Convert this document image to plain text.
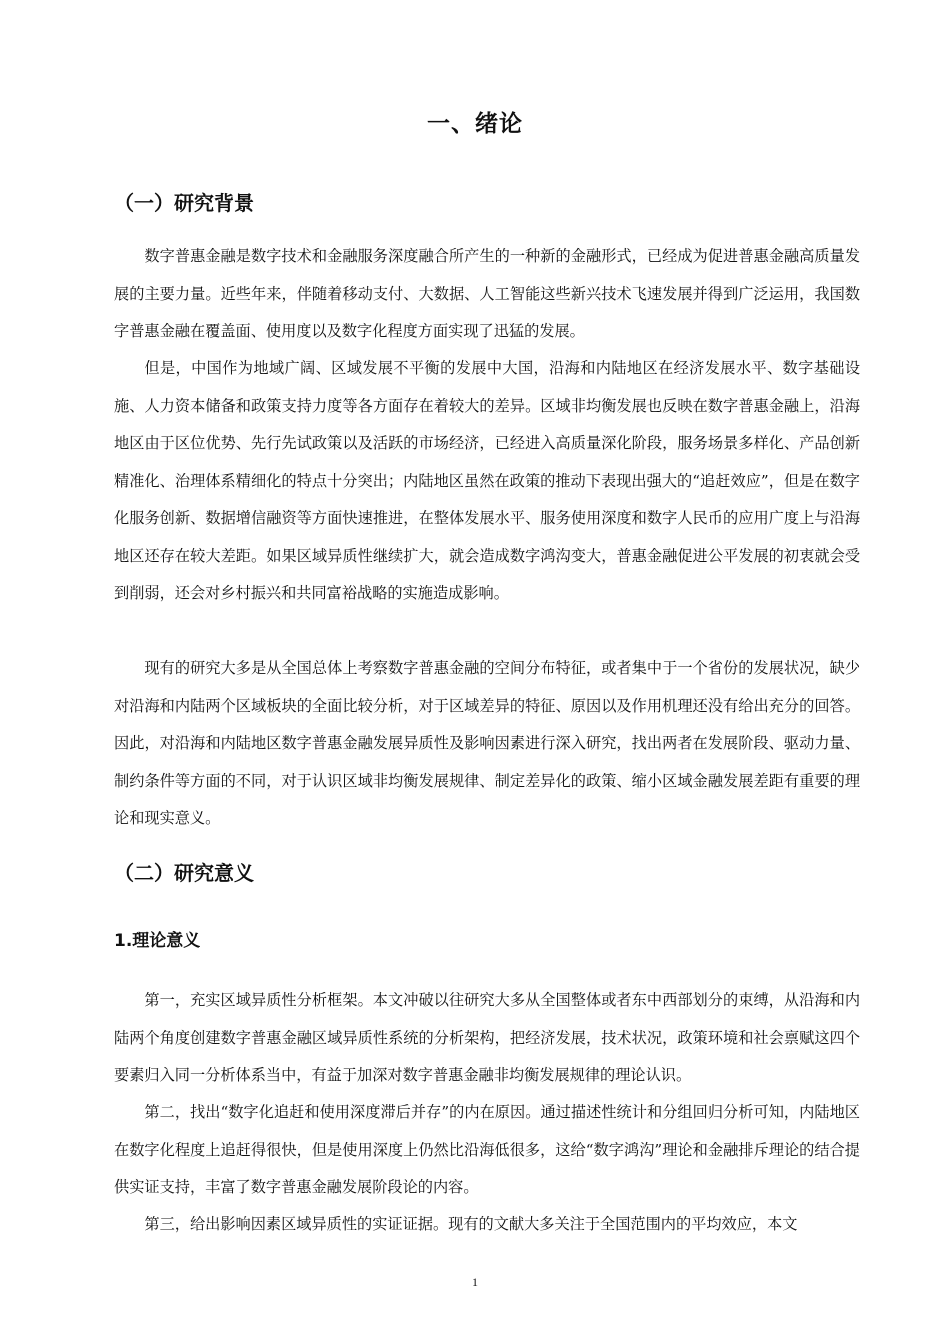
一、绪论
（一）研究背景

数字普惠金融是数字技术和金融服务深度融合所产生的一种新的金融形式，已经成为促进普惠金融高质量发展的主要力量。近些年来，伴随着移动支付、大数据、人工智能这些新兴技术飞速发展并得到广泛运用，我国数字普惠金融在覆盖面、使用度以及数字化程度方面实现了迅猛的发展。

但是，中国作为地域广阔、区域发展不平衡的发展中大国，沿海和内陆地区在经济发展水平、数字基础设施、人力资本储备和政策支持力度等各方面存在着较大的差异。区域非均衡发展也反映在数字普惠金融上，沿海地区由于区位优势、先行先试政策以及活跃的市场经济，已经进入高质量深化阶段，服务场景多样化、产品创新精准化、治理体系精细化的特点十分突出；内陆地区虽然在政策的推动下表现出强大的“追赶效应”，但是在数字化服务创新、数据增信融资等方面快速推进，在整体发展水平、服务使用深度和数字人民币的应用广度上与沿海地区还存在较大差距。如果区域异质性继续扩大，就会造成数字鸿沟变大，普惠金融促进公平发展的初衷就会受到削弱，还会对乡村振兴和共同富裕战略的实施造成影响。

现有的研究大多是从全国总体上考察数字普惠金融的空间分布特征，或者集中于一个省份的发展状况，缺少对沿海和内陆两个区域板块的全面比较分析，对于区域差异的特征、原因以及作用机理还没有给出充分的回答。因此，对沿海和内陆地区数字普惠金融发展异质性及影响因素进行深入研究，找出两者在发展阶段、驱动力量、制约条件等方面的不同，对于认识区域非均衡发展规律、制定差异化的政策、缩小区域金融发展差距有重要的理论和现实意义。

（二）研究意义
1.理论意义

第一，充实区域异质性分析框架。本文冲破以往研究大多从全国整体或者东中西部划分的束缚，从沿海和内陆两个角度创建数字普惠金融区域异质性系统的分析架构，把经济发展，技术状况，政策环境和社会禀赋这四个要素归入同一分析体系当中，有益于加深对数字普惠金融非均衡发展规律的理论认识。

第二，找出“数字化追赶和使用深度滞后并存”的内在原因。通过描述性统计和分组回归分析可知，内陆地区在数字化程度上追赶得很快，但是使用深度上仍然比沿海低很多，这给“数字鸿沟”理论和金融排斥理论的结合提供实证支持，丰富了数字普惠金融发展阶段论的内容。

第三，给出影响因素区域异质性的实证证据。现有的文献大多关注于全国范围内的平均效应，本文

1
